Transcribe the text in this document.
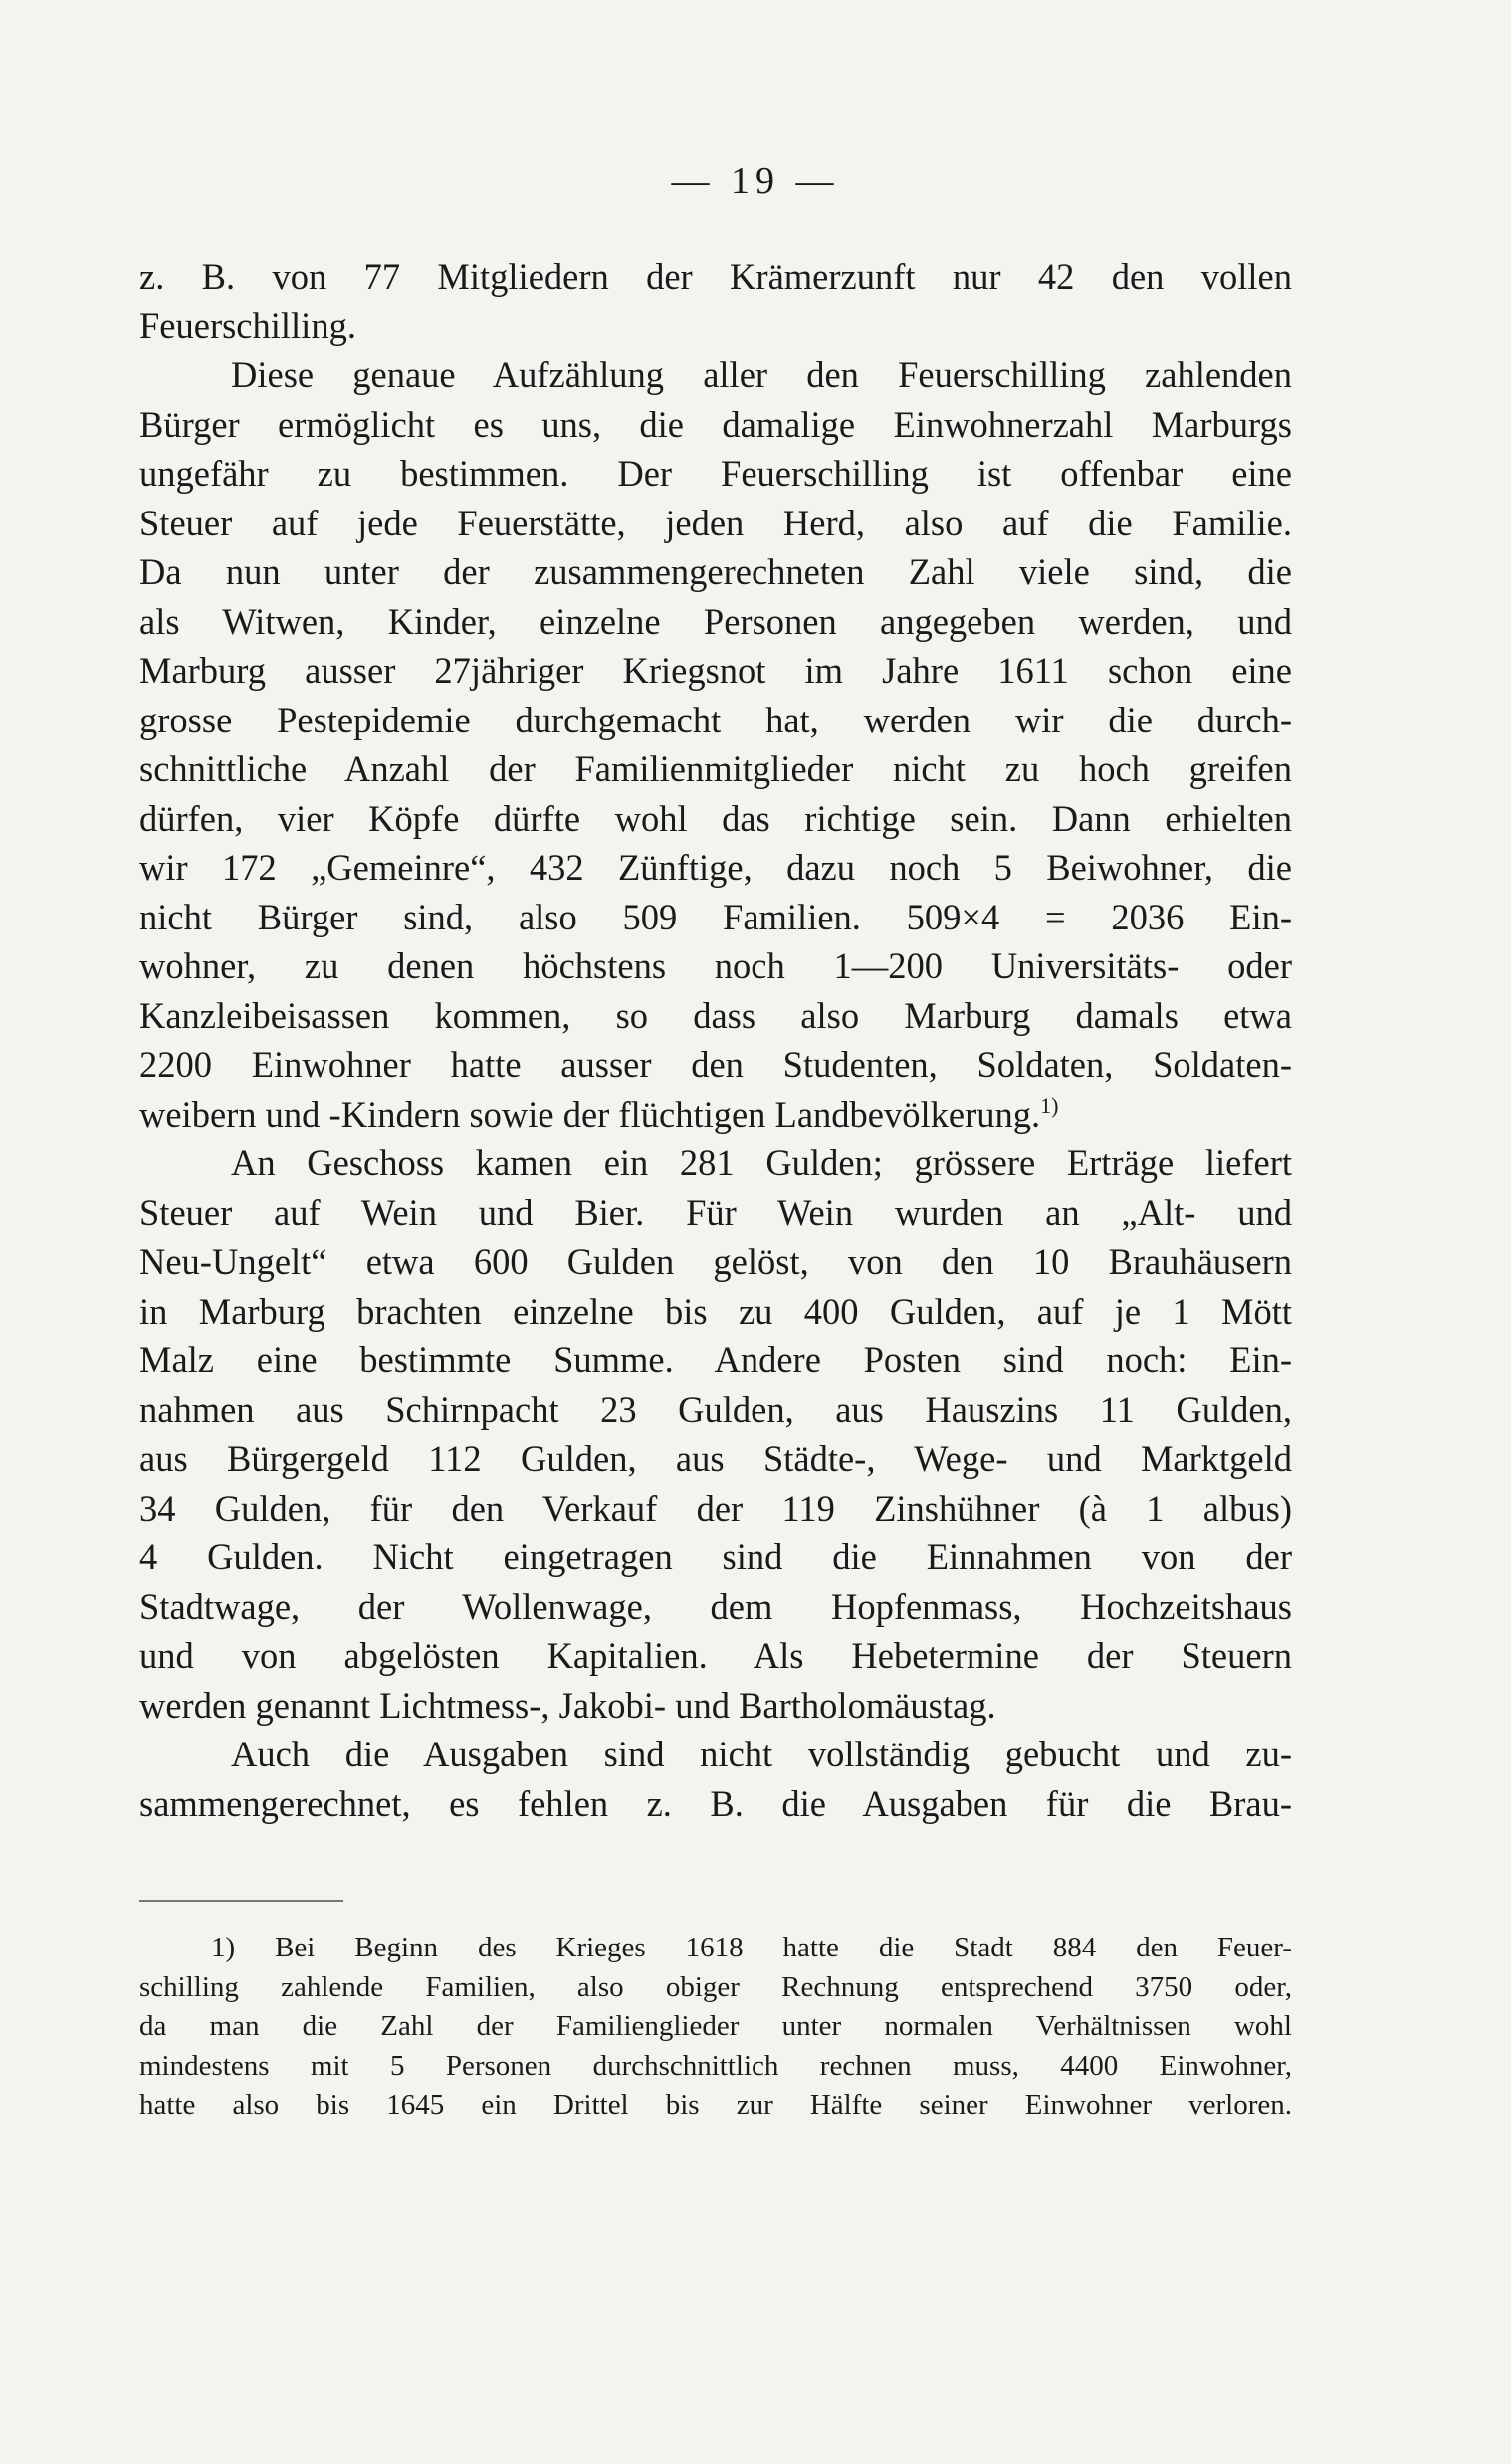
— 19 —
z. B. von 77 Mitgliedern der Krämerzunft nur 42 den vollen
Feuerschilling.
Diese genaue Aufzählung aller den Feuerschilling zahlenden
Bürger ermöglicht es uns, die damalige Einwohnerzahl Marburgs
ungefähr zu bestimmen. Der Feuerschilling ist offenbar eine
Steuer auf jede Feuerstätte, jeden Herd, also auf die Familie.
Da nun unter der zusammengerechneten Zahl viele sind, die
als Witwen, Kinder, einzelne Personen angegeben werden, und
Marburg ausser 27jähriger Kriegsnot im Jahre 1611 schon eine
grosse Pestepidemie durchgemacht hat, werden wir die durch-
schnittliche Anzahl der Familienmitglieder nicht zu hoch greifen
dürfen, vier Köpfe dürfte wohl das richtige sein. Dann erhielten
wir 172 „Gemeinre“, 432 Zünftige, dazu noch 5 Beiwohner, die
nicht Bürger sind, also 509 Familien. 509×4 = 2036 Ein-
wohner, zu denen höchstens noch 1—200 Universitäts- oder
Kanzleibeisassen kommen, so dass also Marburg damals etwa
2200 Einwohner hatte ausser den Studenten, Soldaten, Soldaten-
weibern und -Kindern sowie der flüchtigen Landbevölkerung.$^{1)}$
An Geschoss kamen ein 281 Gulden; grössere Erträge liefert
Steuer auf Wein und Bier. Für Wein wurden an „Alt- und
Neu-Ungelt“ etwa 600 Gulden gelöst, von den 10 Brauhäusern
in Marburg brachten einzelne bis zu 400 Gulden, auf je 1 Mött
Malz eine bestimmte Summe. Andere Posten sind noch: Ein-
nahmen aus Schirnpacht 23 Gulden, aus Hauszins 11 Gulden,
aus Bürgergeld 112 Gulden, aus Städte-, Wege- und Marktgeld
34 Gulden, für den Verkauf der 119 Zinshühner (à 1 albus)
4 Gulden. Nicht eingetragen sind die Einnahmen von der
Stadtwage, der Wollenwage, dem Hopfenmass, Hochzeitshaus
und von abgelösten Kapitalien. Als Hebetermine der Steuern
werden genannt Lichtmess-, Jakobi- und Bartholomäustag.
Auch die Ausgaben sind nicht vollständig gebucht und zu-
sammengerechnet, es fehlen z. B. die Ausgaben für die Brau-
1) Bei Beginn des Krieges 1618 hatte die Stadt 884 den Feuer-
schilling zahlende Familien, also obiger Rechnung entsprechend 3750 oder,
da man die Zahl der Familienglieder unter normalen Verhältnissen wohl
mindestens mit 5 Personen durchschnittlich rechnen muss, 4400 Einwohner,
hatte also bis 1645 ein Drittel bis zur Hälfte seiner Einwohner verloren.
